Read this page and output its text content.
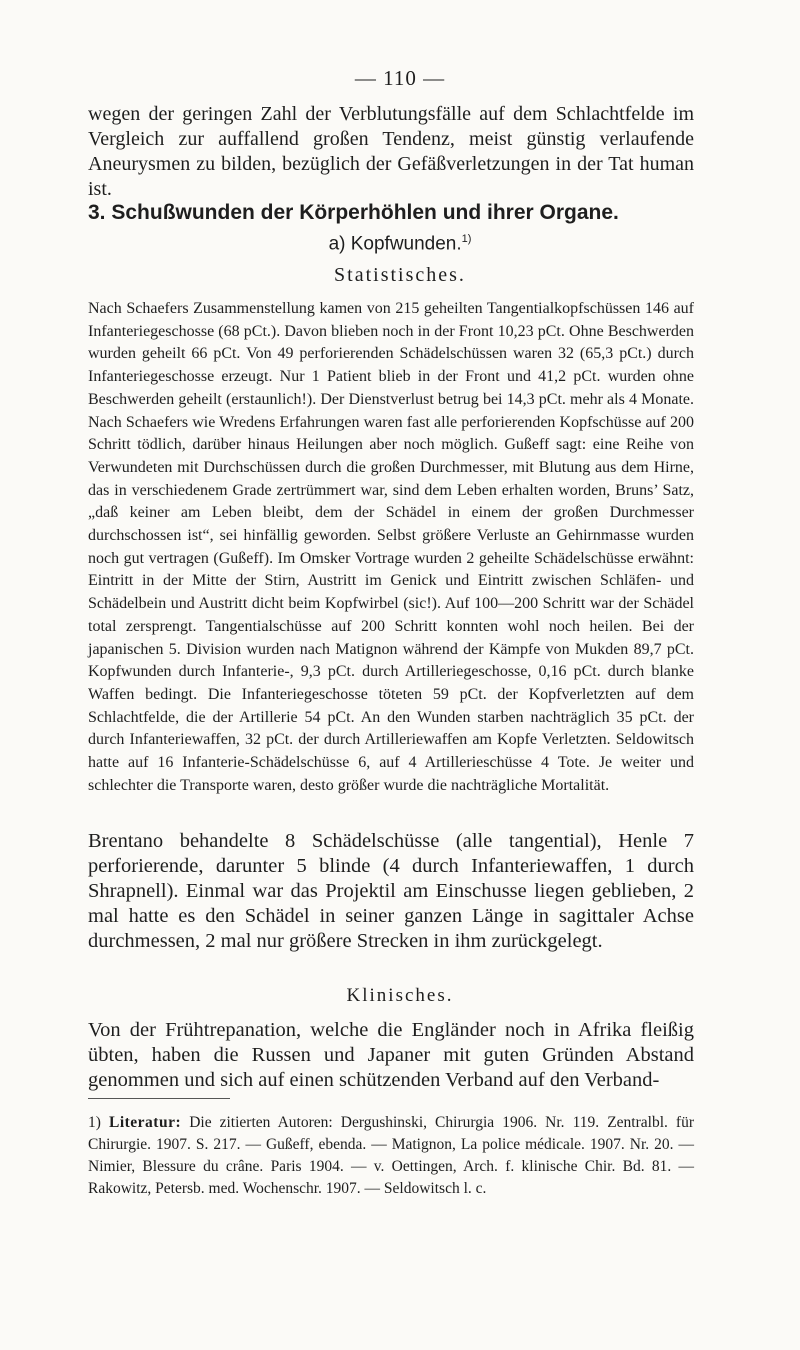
— 110 —
wegen der geringen Zahl der Verblutungsfälle auf dem Schlachtfelde im Vergleich zur auffallend großen Tendenz, meist günstig verlaufende Aneurysmen zu bilden, bezüglich der Gefäßverletzungen in der Tat human ist.
3. Schußwunden der Körperhöhlen und ihrer Organe.
a) Kopfwunden.$^{1)}$
Statistisches.
Nach Schaefers Zusammenstellung kamen von 215 geheilten Tangentialkopfschüssen 146 auf Infanteriegeschosse (68 pCt.). Davon blieben noch in der Front 10,23 pCt. Ohne Beschwerden wurden geheilt 66 pCt. Von 49 perforierenden Schädelschüssen waren 32 (65,3 pCt.) durch Infanteriegeschosse erzeugt. Nur 1 Patient blieb in der Front und 41,2 pCt. wurden ohne Beschwerden geheilt (erstaunlich!). Der Dienstverlust betrug bei 14,3 pCt. mehr als 4 Monate. Nach Schaefers wie Wredens Erfahrungen waren fast alle perforierenden Kopfschüsse auf 200 Schritt tödlich, darüber hinaus Heilungen aber noch möglich. Gußeff sagt: eine Reihe von Verwundeten mit Durchschüssen durch die großen Durchmesser, mit Blutung aus dem Hirne, das in verschiedenem Grade zertrümmert war, sind dem Leben erhalten worden, Bruns’ Satz, „daß keiner am Leben bleibt, dem der Schädel in einem der großen Durchmesser durchschossen ist“, sei hinfällig geworden. Selbst größere Verluste an Gehirnmasse wurden noch gut vertragen (Gußeff). Im Omsker Vortrage wurden 2 geheilte Schädelschüsse erwähnt: Eintritt in der Mitte der Stirn, Austritt im Genick und Eintritt zwischen Schläfen- und Schädelbein und Austritt dicht beim Kopfwirbel (sic!). Auf 100—200 Schritt war der Schädel total zersprengt. Tangentialschüsse auf 200 Schritt konnten wohl noch heilen. Bei der japanischen 5. Division wurden nach Matignon während der Kämpfe von Mukden 89,7 pCt. Kopfwunden durch Infanterie-, 9,3 pCt. durch Artilleriegeschosse, 0,16 pCt. durch blanke Waffen bedingt. Die Infanteriegeschosse töteten 59 pCt. der Kopfverletzten auf dem Schlachtfelde, die der Artillerie 54 pCt. An den Wunden starben nachträglich 35 pCt. der durch Infanteriewaffen, 32 pCt. der durch Artilleriewaffen am Kopfe Verletzten. Seldowitsch hatte auf 16 Infanterie-Schädelschüsse 6, auf 4 Artillerieschüsse 4 Tote. Je weiter und schlechter die Transporte waren, desto größer wurde die nachträgliche Mortalität.
Brentano behandelte 8 Schädelschüsse (alle tangential), Henle 7 perforierende, darunter 5 blinde (4 durch Infanteriewaffen, 1 durch Shrapnell). Einmal war das Projektil am Einschusse liegen geblieben, 2 mal hatte es den Schädel in seiner ganzen Länge in sagittaler Achse durchmessen, 2 mal nur größere Strecken in ihm zurückgelegt.
Klinisches.
Von der Frühtrepanation, welche die Engländer noch in Afrika fleißig übten, haben die Russen und Japaner mit guten Gründen Abstand genommen und sich auf einen schützenden Verband auf den Verband-
1) Literatur: Die zitierten Autoren: Dergushinski, Chirurgia 1906. Nr. 119. Zentralbl. für Chirurgie. 1907. S. 217. — Gußeff, ebenda. — Matignon, La police médicale. 1907. Nr. 20. — Nimier, Blessure du crâne. Paris 1904. — v. Oettingen, Arch. f. klinische Chir. Bd. 81. — Rakowitz, Petersb. med. Wochenschr. 1907. — Seldowitsch l. c.
